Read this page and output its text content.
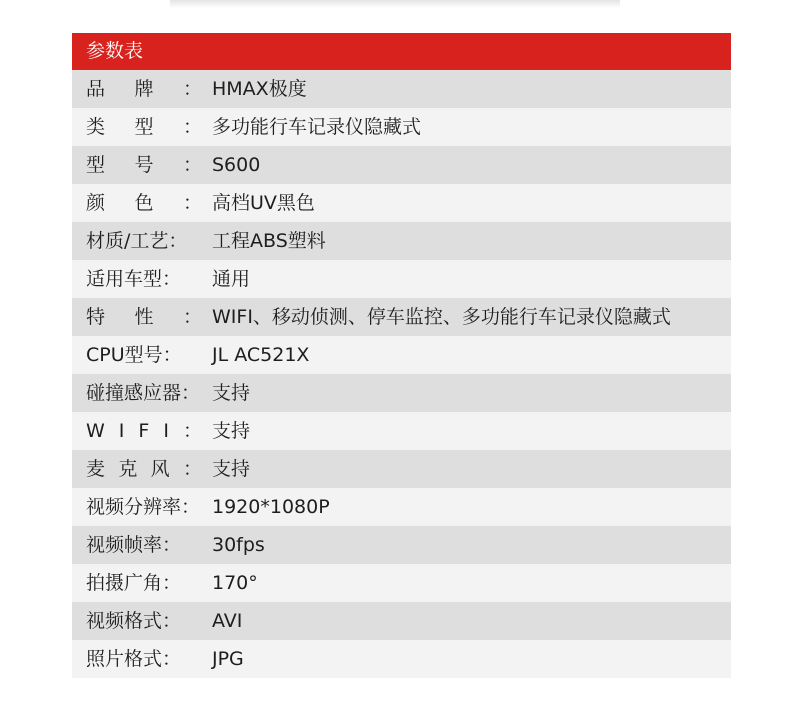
参数表
品 牌 ： HMAX极度
类 型 ： 多功能行车记录仪隐藏式
型 号 ： S600
颜 色 ： 高档UV黑色
材质/工艺：	工程ABS塑料
适用车型：	通用
特 性 ： WIFI、移动侦测、停车监控、多功能行车记录仪隐藏式
CPU型号：	JL AC521X
碰撞感应器： 支持
W I F I ： 支持
麦 克 风 ： 支持
视频分辨率： 1920*1080P
视频帧率：	30fps
拍摄广角：	170°
视频格式：	AVI
照片格式：	JPG
